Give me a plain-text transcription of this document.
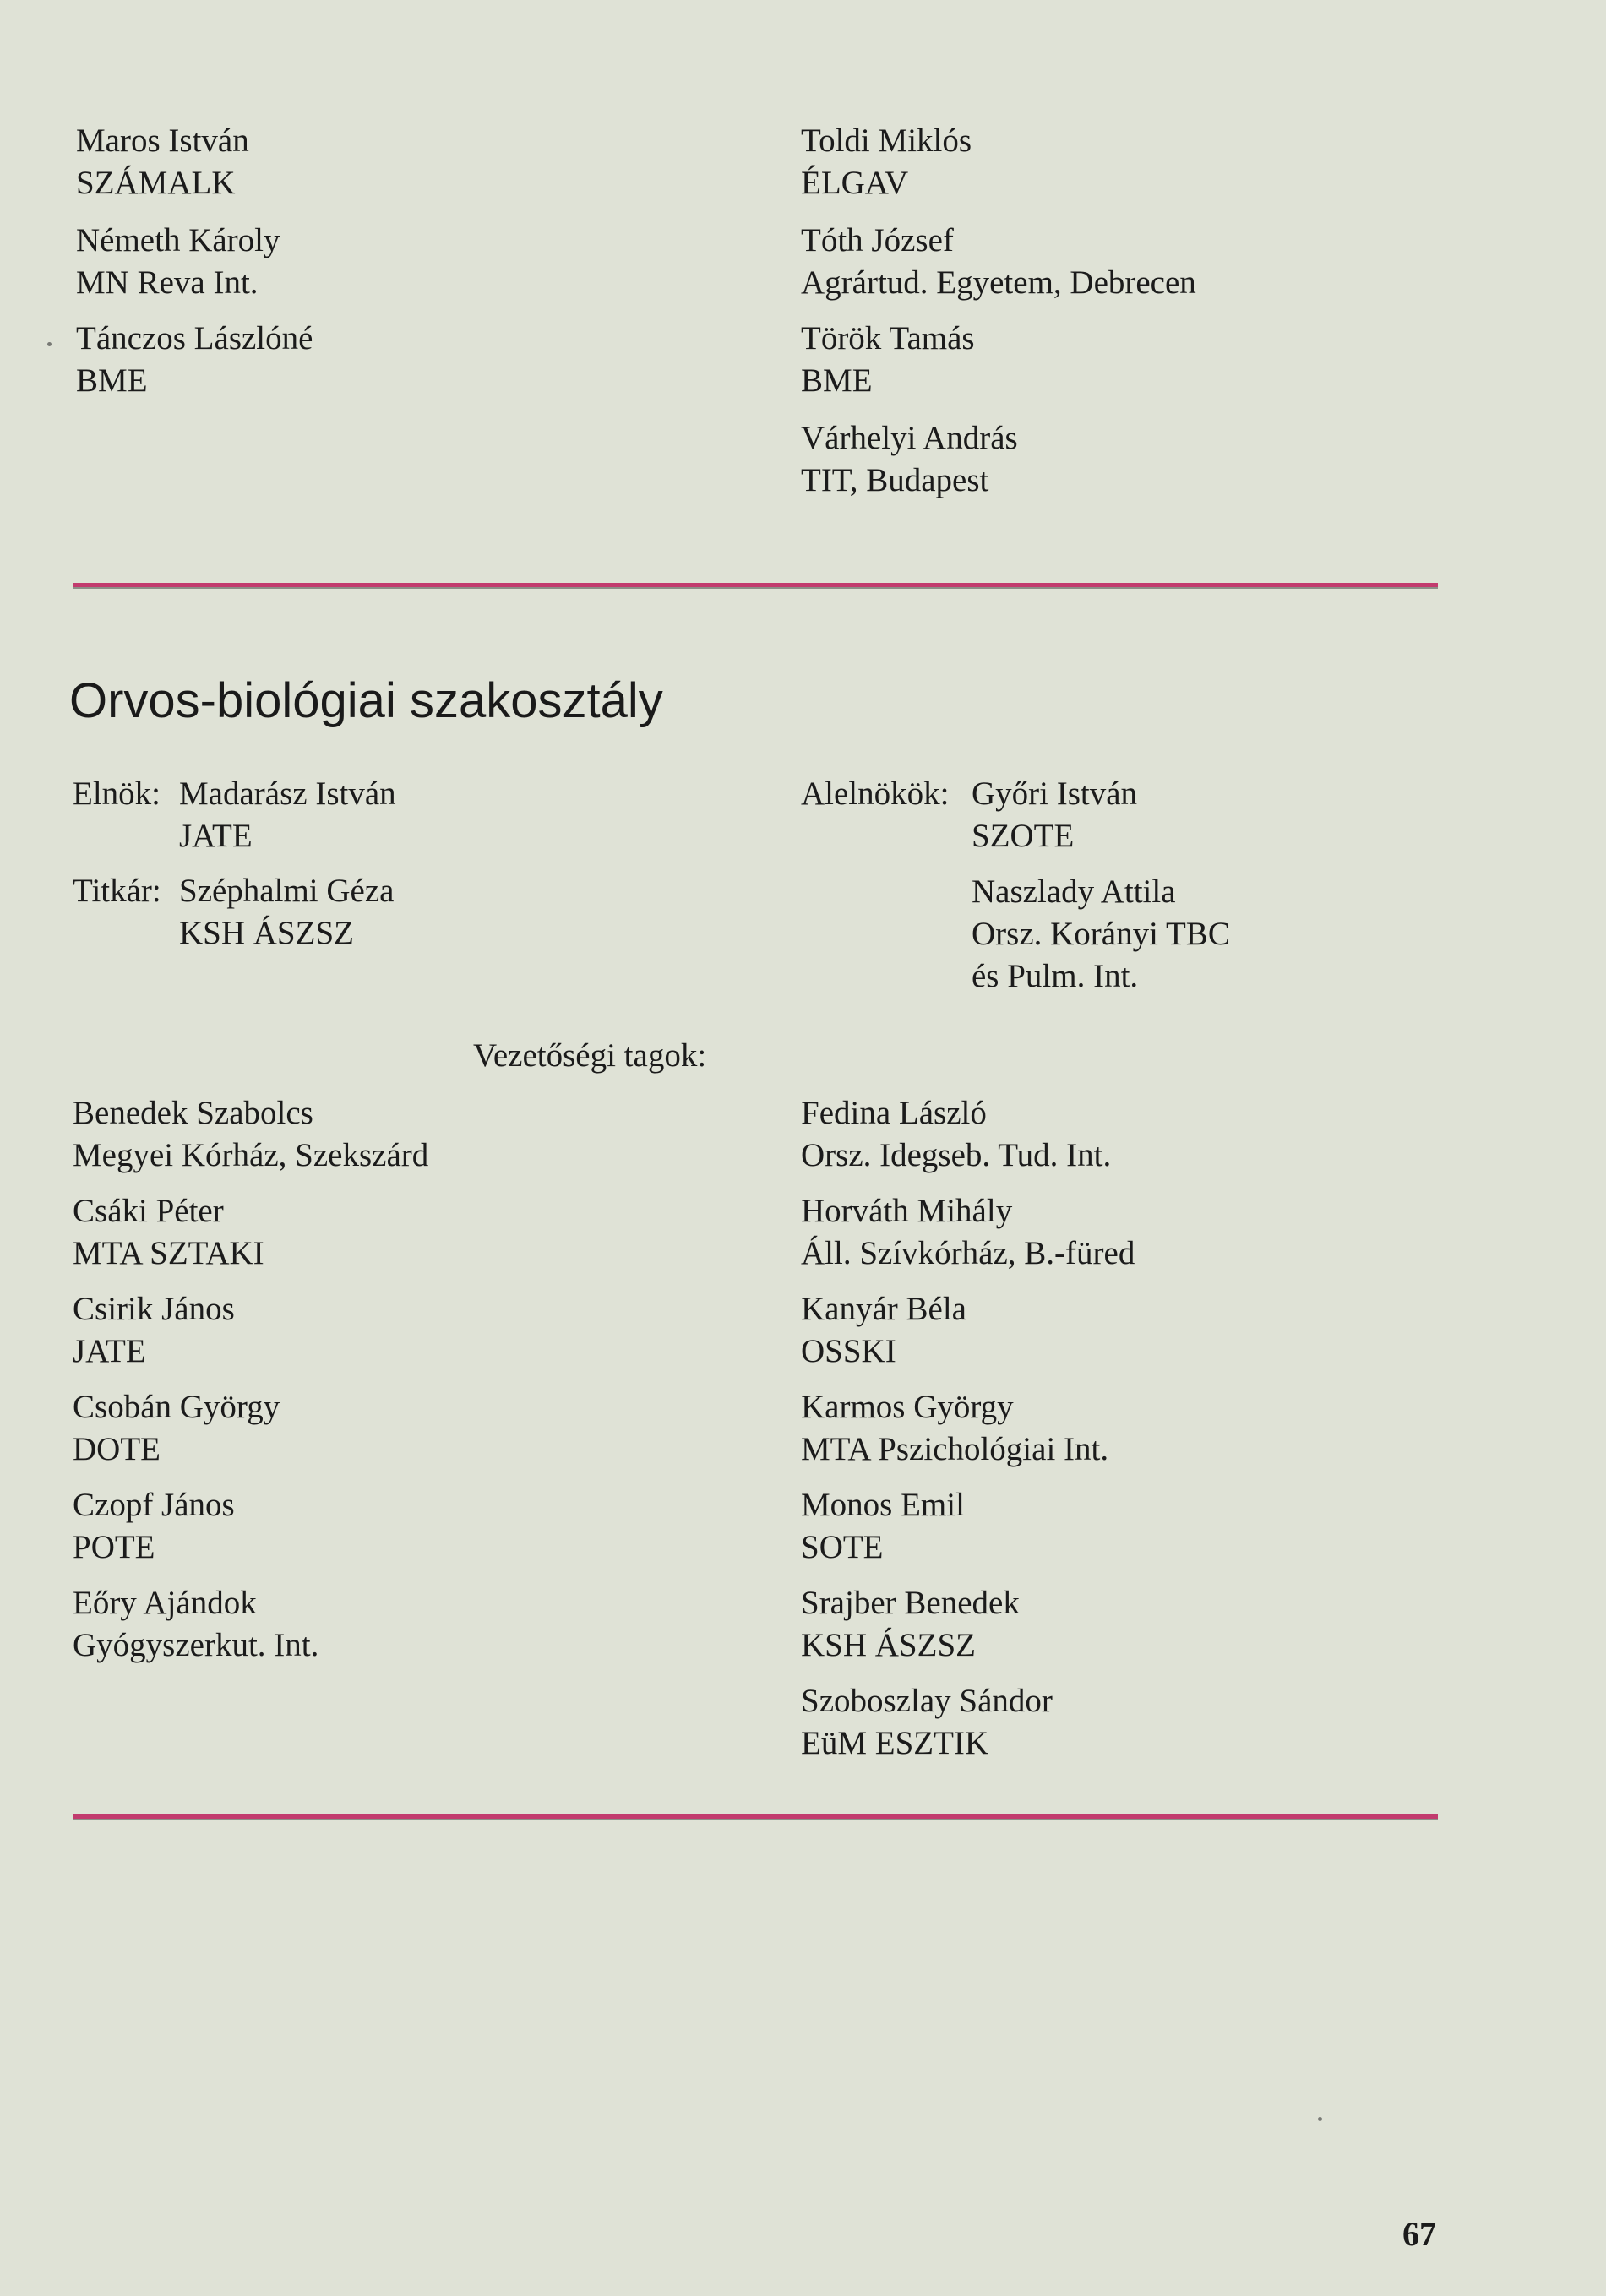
Maros István
SZÁMALK
Németh Károly
MN Reva Int.
Tánczos Lászlóné
BME
Toldi Miklós
ÉLGAV
Tóth József
Agrártud. Egyetem, Debrecen
Török Tamás
BME
Várhelyi András
TIT, Budapest
Orvos-biológiai szakosztály
Elnök: Madarász István
JATE
Titkár: Széphalmi Géza
KSH ÁSZSZ
Alelnökök: Győri István
SZOTE
Naszlady Attila
Orsz. Korányi TBC
és Pulm. Int.
Vezetőségi tagok:
Benedek Szabolcs
Megyei Kórház, Szekszárd
Csáki Péter
MTA SZTAKI
Csirik János
JATE
Csobán György
DOTE
Czopf János
POTE
Eőry Ajándok
Gyógyszerkut. Int.
Fedina László
Orsz. Idegseb. Tud. Int.
Horváth Mihály
Áll. Szívkórház, B.-füred
Kanyár Béla
OSSKI
Karmos György
MTA Pszichológiai Int.
Monos Emil
SOTE
Srajber Benedek
KSH ÁSZSZ
Szoboszlay Sándor
EüM ESZTIK
67
